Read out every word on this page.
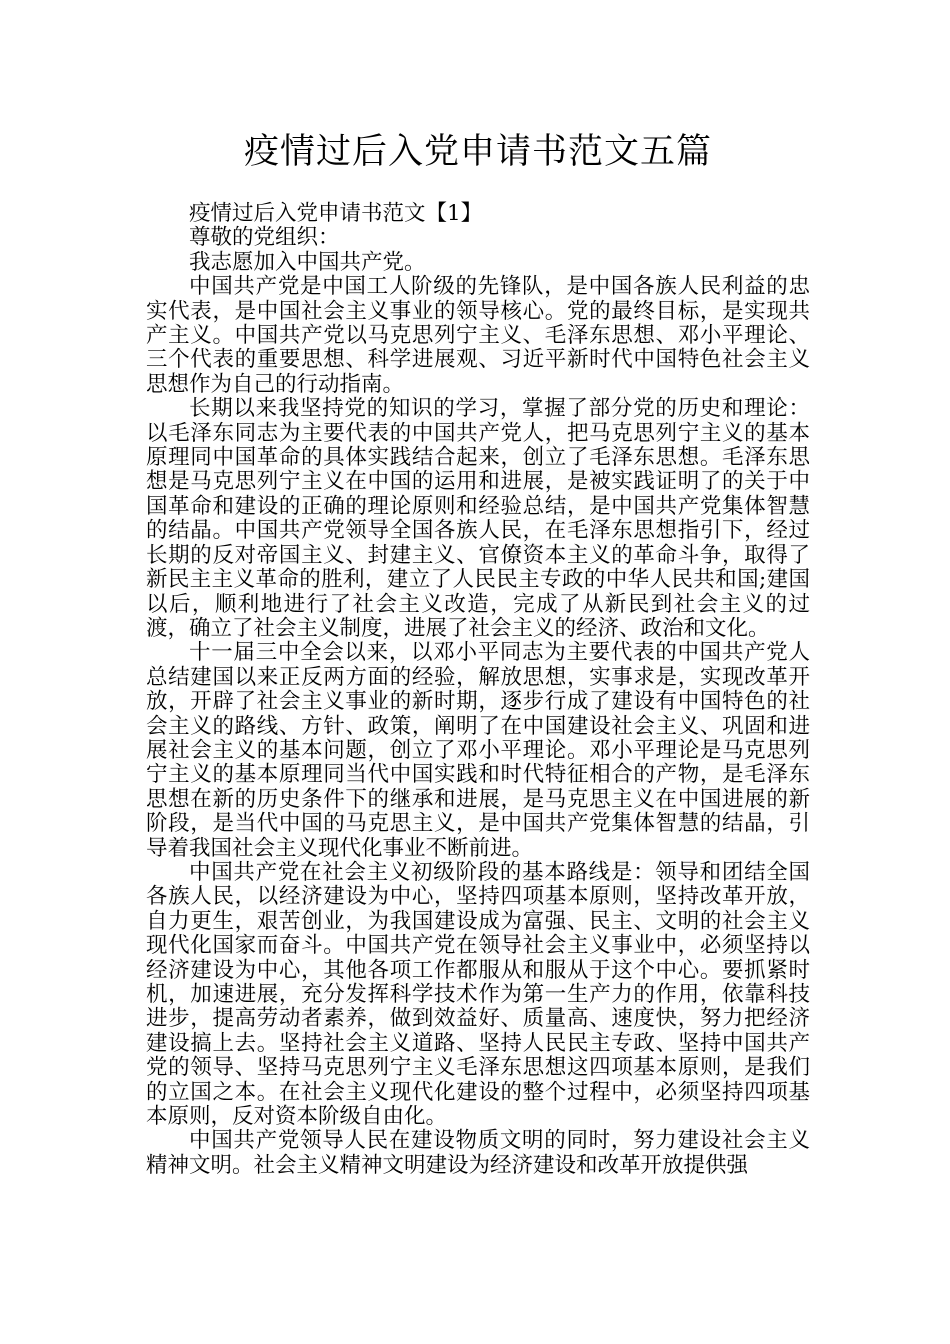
疫情过后入党申请书范文五篇

疫情过后入党申请书范文【1】

尊敬的党组织：

我志愿加入中国共产党。

中国共产党是中国工人阶级的先锋队，是中国各族人民利益的忠实代表，是中国社会主义事业的领导核心。党的最终目标，是实现共产主义。中国共产党以马克思列宁主义、毛泽东思想、邓小平理论、三个代表的重要思想、科学进展观、习近平新时代中国特色社会主义思想作为自己的行动指南。

长期以来我坚持党的知识的学习，掌握了部分党的历史和理论：以毛泽东同志为主要代表的中国共产党人，把马克思列宁主义的基本原理同中国革命的具体实践结合起来，创立了毛泽东思想。毛泽东思想是马克思列宁主义在中国的运用和进展，是被实践证明了的关于中国革命和建设的正确的理论原则和经验总结，是中国共产党集体智慧的结晶。中国共产党领导全国各族人民，在毛泽东思想指引下，经过长期的反对帝国主义、封建主义、官僚资本主义的革命斗争，取得了新民主主义革命的胜利，建立了人民民主专政的中华人民共和国;建国以后，顺利地进行了社会主义改造，完成了从新民到社会主义的过渡，确立了社会主义制度，进展了社会主义的经济、政治和文化。

十一届三中全会以来，以邓小平同志为主要代表的中国共产党人总结建国以来正反两方面的经验，解放思想，实事求是，实现改革开放，开辟了社会主义事业的新时期，逐步行成了建设有中国特色的社会主义的路线、方针、政策，阐明了在中国建设社会主义、巩固和进展社会主义的基本问题，创立了邓小平理论。邓小平理论是马克思列宁主义的基本原理同当代中国实践和时代特征相合的产物，是毛泽东思想在新的历史条件下的继承和进展，是马克思主义在中国进展的新阶段，是当代中国的马克思主义，是中国共产党集体智慧的结晶，引导着我国社会主义现代化事业不断前进。

中国共产党在社会主义初级阶段的基本路线是：领导和团结全国各族人民，以经济建设为中心，坚持四项基本原则，坚持改革开放，自力更生，艰苦创业，为我国建设成为富强、民主、文明的社会主义现代化国家而奋斗。中国共产党在领导社会主义事业中，必须坚持以经济建设为中心，其他各项工作都服从和服从于这个中心。要抓紧时机，加速进展，充分发挥科学技术作为第一生产力的作用，依靠科技进步，提高劳动者素养，做到效益好、质量高、速度快，努力把经济建设搞上去。坚持社会主义道路、坚持人民民主专政、坚持中国共产党的领导、坚持马克思列宁主义毛泽东思想这四项基本原则，是我们的立国之本。在社会主义现代化建设的整个过程中，必须坚持四项基本原则，反对资本阶级自由化。

中国共产党领导人民在建设物质文明的同时，努力建设社会主义精神文明。社会主义精神文明建设为经济建设和改革开放提供强
